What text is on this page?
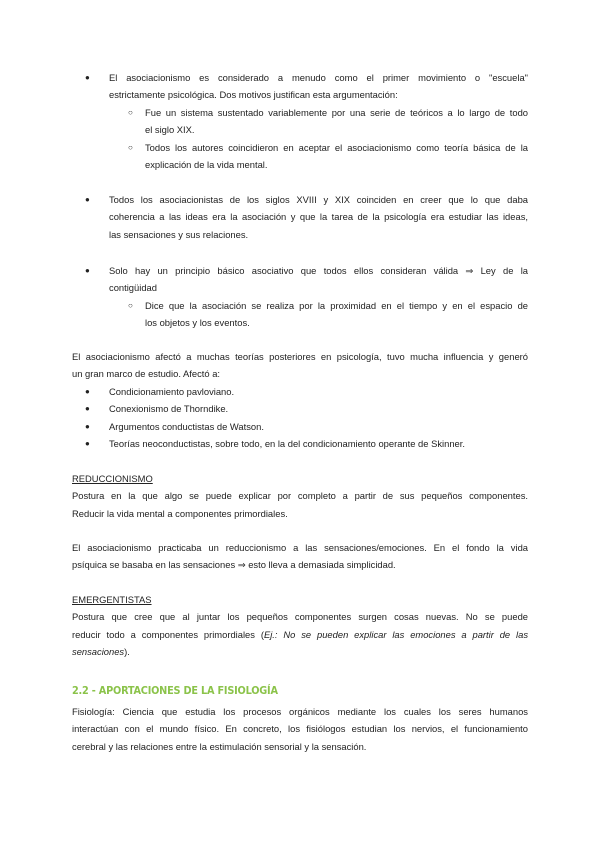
● El asociacionismo es considerado a menudo como el primer movimiento o "escuela"
estrictamente psicológica. Dos motivos justifican esta argumentación:
○ Fue un sistema sustentado variablemente por una serie de teóricos a lo largo de todo
el siglo XIX.
○ Todos los autores coincidieron en aceptar el asociacionismo como teoría básica de la
explicación de la vida mental.
● Todos los asociacionistas de los siglos XVIII y XIX coinciden en creer que lo que daba
coherencia a las ideas era la asociación y que la tarea de la psicología era estudiar las ideas,
las sensaciones y sus relaciones.
● Solo hay un principio básico asociativo que todos ellos consideran válida ⇒ Ley de la
contigüidad
○ Dice que la asociación se realiza por la proximidad en el tiempo y en el espacio de
los objetos y los eventos.
El asociacionismo afectó a muchas teorías posteriores en psicología, tuvo mucha influencia y generó
un gran marco de estudio. Afectó a:
● Condicionamiento pavloviano.
● Conexionismo de Thorndike.
● Argumentos conductistas de Watson.
● Teorías neoconductistas, sobre todo, en la del condicionamiento operante de Skinner.
REDUCCIONISMO
Postura en la que algo se puede explicar por completo a partir de sus pequeños componentes.
Reducir la vida mental a componentes primordiales.
El asociacionismo practicaba un reduccionismo a las sensaciones/emociones. En el fondo la vida
psíquica se basaba en las sensaciones ⇒ esto lleva a demasiada simplicidad.
EMERGENTISTAS
Postura que cree que al juntar los pequeños componentes surgen cosas nuevas. No se puede
reducir todo a componentes primordiales (Ej.: No se pueden explicar las emociones a partir de las
sensaciones).
2.2 - APORTACIONES DE LA FISIOLOGÍA
Fisiología: Ciencia que estudia los procesos orgánicos mediante los cuales los seres humanos
interactúan con el mundo físico. En concreto, los fisiólogos estudian los nervios, el funcionamiento
cerebral y las relaciones entre la estimulación sensorial y la sensación.
